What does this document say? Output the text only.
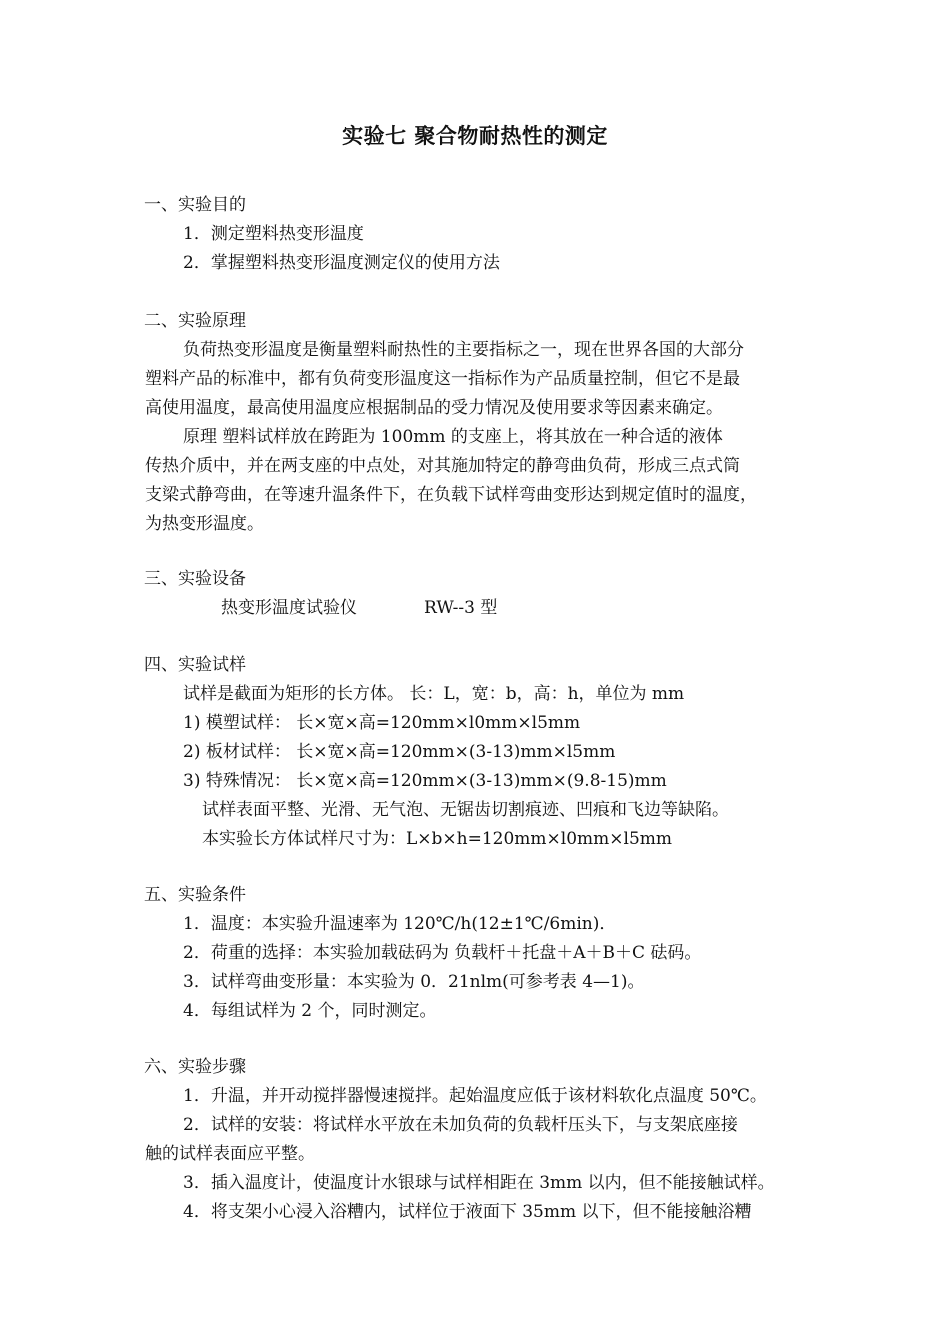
实验七 聚合物耐热性的测定
一、实验目的
1．测定塑料热变形温度
2．掌握塑料热变形温度测定仪的使用方法
二、实验原理
负荷热变形温度是衡量塑料耐热性的主要指标之一，现在世界各国的大部分
塑料产品的标准中，都有负荷变形温度这一指标作为产品质量控制，但它不是最
高使用温度，最高使用温度应根据制品的受力情况及使用要求等因素来确定。
原理 塑料试样放在跨距为 100mm 的支座上，将其放在一种合适的液体
传热介质中，并在两支座的中点处，对其施加特定的静弯曲负荷，形成三点式筒
支梁式静弯曲，在等速升温条件下，在负载下试样弯曲变形达到规定值时的温度，
为热变形温度。
三、实验设备
热变形温度试验仪	RW--3 型
四、实验试样
试样是截面为矩形的长方体。 长：L，宽：b，高：h，单位为 mm
1) 模塑试样： 长×宽×高=120mm×l0mm×l5mm
2) 板材试样： 长×宽×高=120mm×(3-13)mm×l5mm
3) 特殊情况： 长×宽×高=120mm×(3-13)mm×(9.8-15)mm
试样表面平整、光滑、无气泡、无锯齿切割痕迹、凹痕和飞边等缺陷。
本实验长方体试样尺寸为：L×b×h=120mm×l0mm×l5mm
五、实验条件
1．温度：本实验升温速率为 120℃/h(12±1℃/6min)．
2．荷重的选择：本实验加载砝码为 负载杆＋托盘＋A＋B＋C 砝码。
3．试样弯曲变形量：本实验为 0．21nlm(可参考表 4—1)。
4．每组试样为 2 个，同时测定。
六、实验步骤
1．升温，并开动搅拌器慢速搅拌。起始温度应低于该材料软化点温度 50℃。
2．试样的安装：将试样水平放在未加负荷的负载杆压头下，与支架底座接
触的试样表面应平整。
3．插入温度计，使温度计水银球与试样相距在 3mm 以内，但不能接触试样。
4．将支架小心浸入浴糟内，试样位于液面下 35mm 以下，但不能接触浴糟
